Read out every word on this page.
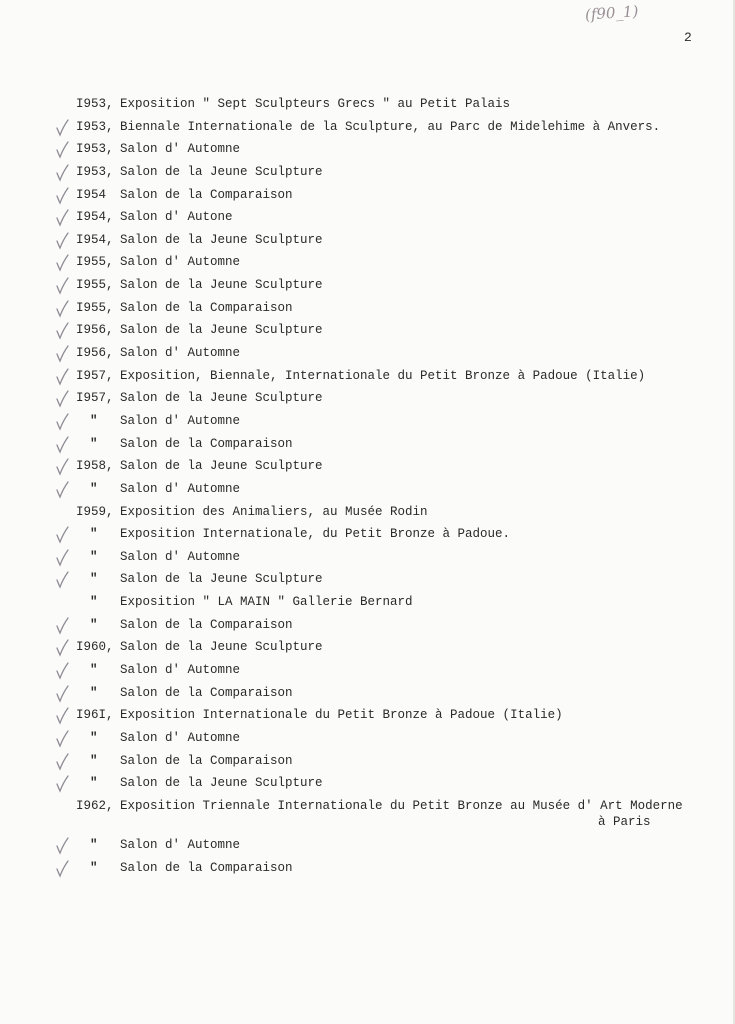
(f90_1)
2
I953, Exposition " Sept Sculpteurs Grecs " au Petit Palais
I953, Biennale Internationale de la Sculpture, au Parc de Midelehime à Anvers.
I953, Salon d' Automne
I953, Salon de la Jeune Sculpture
I954	Salon de la Comparaison
I954, Salon d' Autone
I954, Salon de la Jeune Sculpture
I955, Salon d' Automne
I955, Salon de la Jeune Sculpture
I955, Salon de la Comparaison
I956, Salon de la Jeune Sculpture
I956, Salon d' Automne
I957, Exposition, Biennale, Internationale du Petit Bronze à Padoue (Italie)
I957, Salon de la Jeune Sculpture
"	Salon d' Automne
"	Salon de la Comparaison
I958, Salon de la Jeune Sculpture
"	Salon d' Automne
I959, Exposition des Animaliers, au Musée Rodin
"	Exposition Internationale, du Petit Bronze à Padoue.
"	Salon d' Automne
"	Salon de la Jeune Sculpture
"	Exposition " LA MAIN " Gallerie Bernard
"	Salon de la Comparaison
I960, Salon de la Jeune Sculpture
"	Salon d' Automne
"	Salon de la Comparaison
I96I, Exposition Internationale du Petit Bronze à Padoue (Italie)
"	Salon d' Automne
"	Salon de la Comparaison
"	Salon de la Jeune Sculpture
I962, Exposition Triennale Internationale du Petit Bronze au Musée d' Art Moderne
à Paris
"	Salon d' Automne
"	Salon de la Comparaison
